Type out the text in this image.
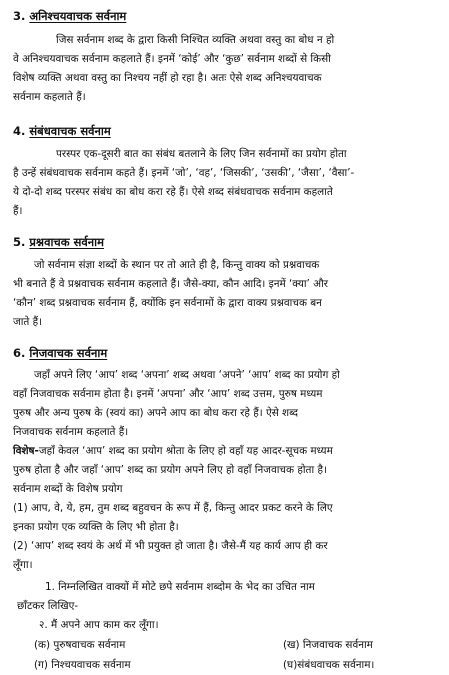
3. अनिश्चयवाचक सर्वनाम
जिस सर्वनाम शब्द के द्वारा किसी निश्चित व्यक्ति अथवा वस्तु का बोध न हो
वे अनिश्चयवाचक सर्वनाम कहलाते हैं। इनमें ‘कोई’ और ‘कुछ’ सर्वनाम शब्दों से किसी
विशेष व्यक्ति अथवा वस्तु का निश्चय नहीं हो रहा है। अतः ऐसे शब्द अनिश्चयवाचक
सर्वनाम कहलाते हैं।
4. संबंधवाचक सर्वनाम
परस्पर एक-दूसरी बात का संबंध बतलाने के लिए जिन सर्वनामों का प्रयोग होता
है उन्हें संबंधवाचक सर्वनाम कहते हैं। इनमें ‘जो’, ‘वह’, ‘जिसकी’, ‘उसकी’, ‘जैसा’, ‘वैसा’-
ये दो-दो शब्द परस्पर संबंध का बोध करा रहे हैं। ऐसे शब्द संबंधवाचक सर्वनाम कहलाते
हैं।
5. प्रश्नवाचक सर्वनाम
जो सर्वनाम संज्ञा शब्दों के स्थान पर तो आते ही है, किन्तु वाक्य को प्रश्नवाचक
भी बनाते हैं वे प्रश्नवाचक सर्वनाम कहलाते हैं। जैसे-क्या, कौन आदि। इनमें ‘क्या’ और
‘कौन’ शब्द प्रश्नवाचक सर्वनाम हैं, क्योंकि इन सर्वनामों के द्वारा वाक्य प्रश्नवाचक बन
जाते हैं।
6. निजवाचक सर्वनाम
जहाँ अपने लिए ‘आप’ शब्द ‘अपना’ शब्द अथवा ‘अपने’ ‘आप’ शब्द का प्रयोग हो
वहाँ निजवाचक सर्वनाम होता है। इनमें ‘अपना’ और ‘आप’ शब्द उत्तम, पुरुष मध्यम
पुरुष और अन्य पुरुष के (स्वयं का) अपने आप का बोध करा रहे हैं। ऐसे शब्द
निजवाचक सर्वनाम कहलाते हैं।
विशेष-जहाँ केवल ‘आप’ शब्द का प्रयोग श्रोता के लिए हो वहाँ यह आदर-सूचक मध्यम
पुरुष होता है और जहाँ ‘आप’ शब्द का प्रयोग अपने लिए हो वहाँ निजवाचक होता है।
सर्वनाम शब्दों के विशेष प्रयोग
(1) आप, वे, ये, हम, तुम शब्द बहुवचन के रूप में हैं, किन्तु आदर प्रकट करने के लिए
इनका प्रयोग एक व्यक्ति के लिए भी होता है।
(2) ‘आप’ शब्द स्वयं के अर्थ में भी प्रयुक्त हो जाता है। जैसे-मैं यह कार्य आप ही कर
लूँगा।
1. निम्नलिखित वाक्यों में मोटे छपे सर्वनाम शब्दोम के भेद का उचित नाम
छाँटकर लिखिए-
२. मैं अपने आप काम कर लूँगा।
(क) पुरुषवाचक सर्वनाम	(ख) निजवाचक सर्वनाम
(ग) निश्चयवाचक सर्वनाम	(घ)संबंधवाचक सर्वनाम।
